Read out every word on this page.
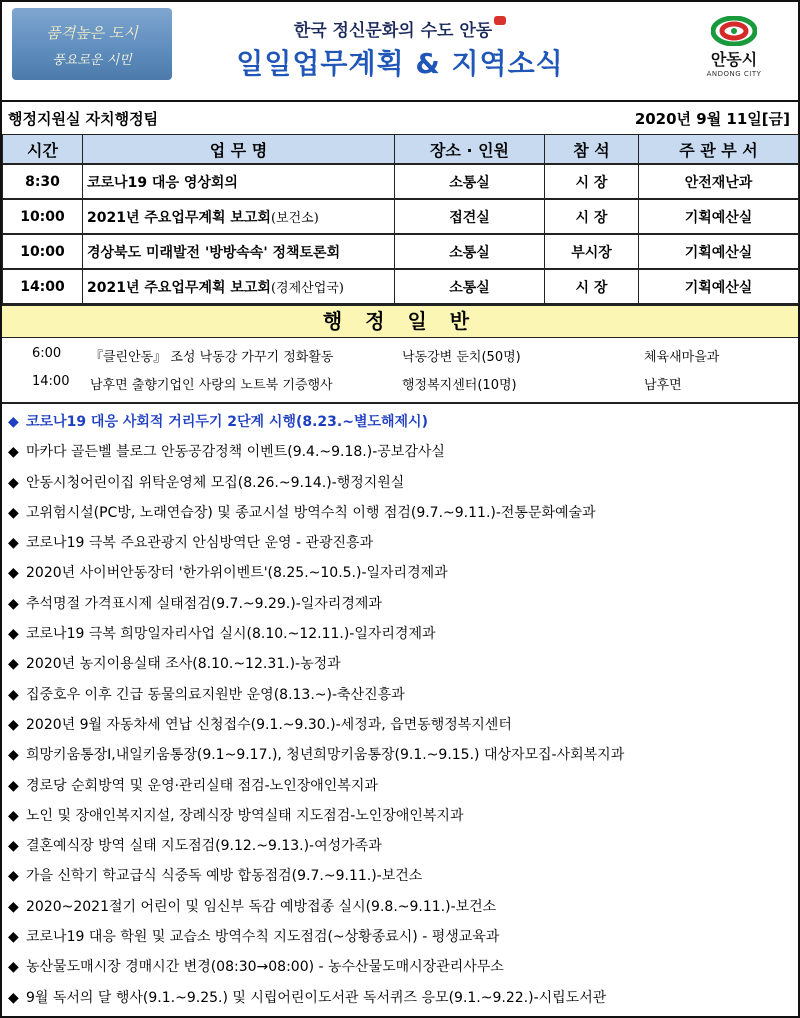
품격높은 도시
풍요로운 시민
한국 정신문화의 수도 안동
일일업무계획 & 지역소식	안동시
ANDONG CITY
행정지원실 자치행정팀	2020년 9월 11일[금]
시간	업 무 명	장소 · 인원	참 석	주 관 부 서
8:30	코로나19 대응 영상회의	소통실	시 장	안전재난과
10:00	2021년 주요업무계획 보고회(보건소)	접견실	시 장	기획예산실
10:00	경상북도 미래발전 '방방속속' 정책토론회	소통실	부시장	기획예산실
14:00	2021년 주요업무계획 보고회(경제산업국)	소통실	시 장	기획예산실
행 정 일 반
6:00	『클린안동』 조성 낙동강 가꾸기 정화활동	낙동강변 둔치(50명)	체육새마을과
14:00	남후면 출향기업인 사랑의 노트북 기증행사	행정복지센터(10명)	남후면
◆ 코로나19 대응 사회적 거리두기 2단계 시행(8.23.~별도해제시)
◆ 마카다 골든벨 블로그 안동공감정책 이벤트(9.4.~9.18.)-공보감사실
◆ 안동시청어린이집 위탁운영체 모집(8.26.~9.14.)-행정지원실
◆ 고위험시설(PC방, 노래연습장) 및 종교시설 방역수칙 이행 점검(9.7.~9.11.)-전통문화예술과
◆ 코로나19 극복 주요관광지 안심방역단 운영 - 관광진흥과
◆ 2020년 사이버안동장터 '한가위이벤트'(8.25.~10.5.)-일자리경제과
◆ 추석명절 가격표시제 실태점검(9.7.~9.29.)-일자리경제과
◆ 코로나19 극복 희망일자리사업 실시(8.10.~12.11.)-일자리경제과
◆ 2020년 농지이용실태 조사(8.10.~12.31.)-농정과
◆ 집중호우 이후 긴급 동물의료지원반 운영(8.13.~)-축산진흥과
◆ 2020년 9월 자동차세 연납 신청접수(9.1.~9.30.)-세정과, 읍면동행정복지센터
◆ 희망키움통장Ⅰ,내일키움통장(9.1~9.17.), 청년희망키움통장(9.1.~9.15.) 대상자모집-사회복지과
◆ 경로당 순회방역 및 운영·관리실태 점검-노인장애인복지과
◆ 노인 및 장애인복지지설, 장례식장 방역실태 지도점검-노인장애인복지과
◆ 결혼예식장 방역 실태 지도점검(9.12.~9.13.)-여성가족과
◆ 가을 신학기 학교급식 식중독 예방 합동점검(9.7.~9.11.)-보건소
◆ 2020~2021절기 어린이 및 임신부 독감 예방접종 실시(9.8.~9.11.)-보건소
◆ 코로나19 대응 학원 및 교습소 방역수칙 지도점검(~상황종료시) - 평생교육과
◆ 농산물도매시장 경매시간 변경(08:30→08:00) - 농수산물도매시장관리사무소
◆ 9월 독서의 달 행사(9.1.~9.25.) 및 시립어린이도서관 독서퀴즈 응모(9.1.~9.22.)-시립도서관
